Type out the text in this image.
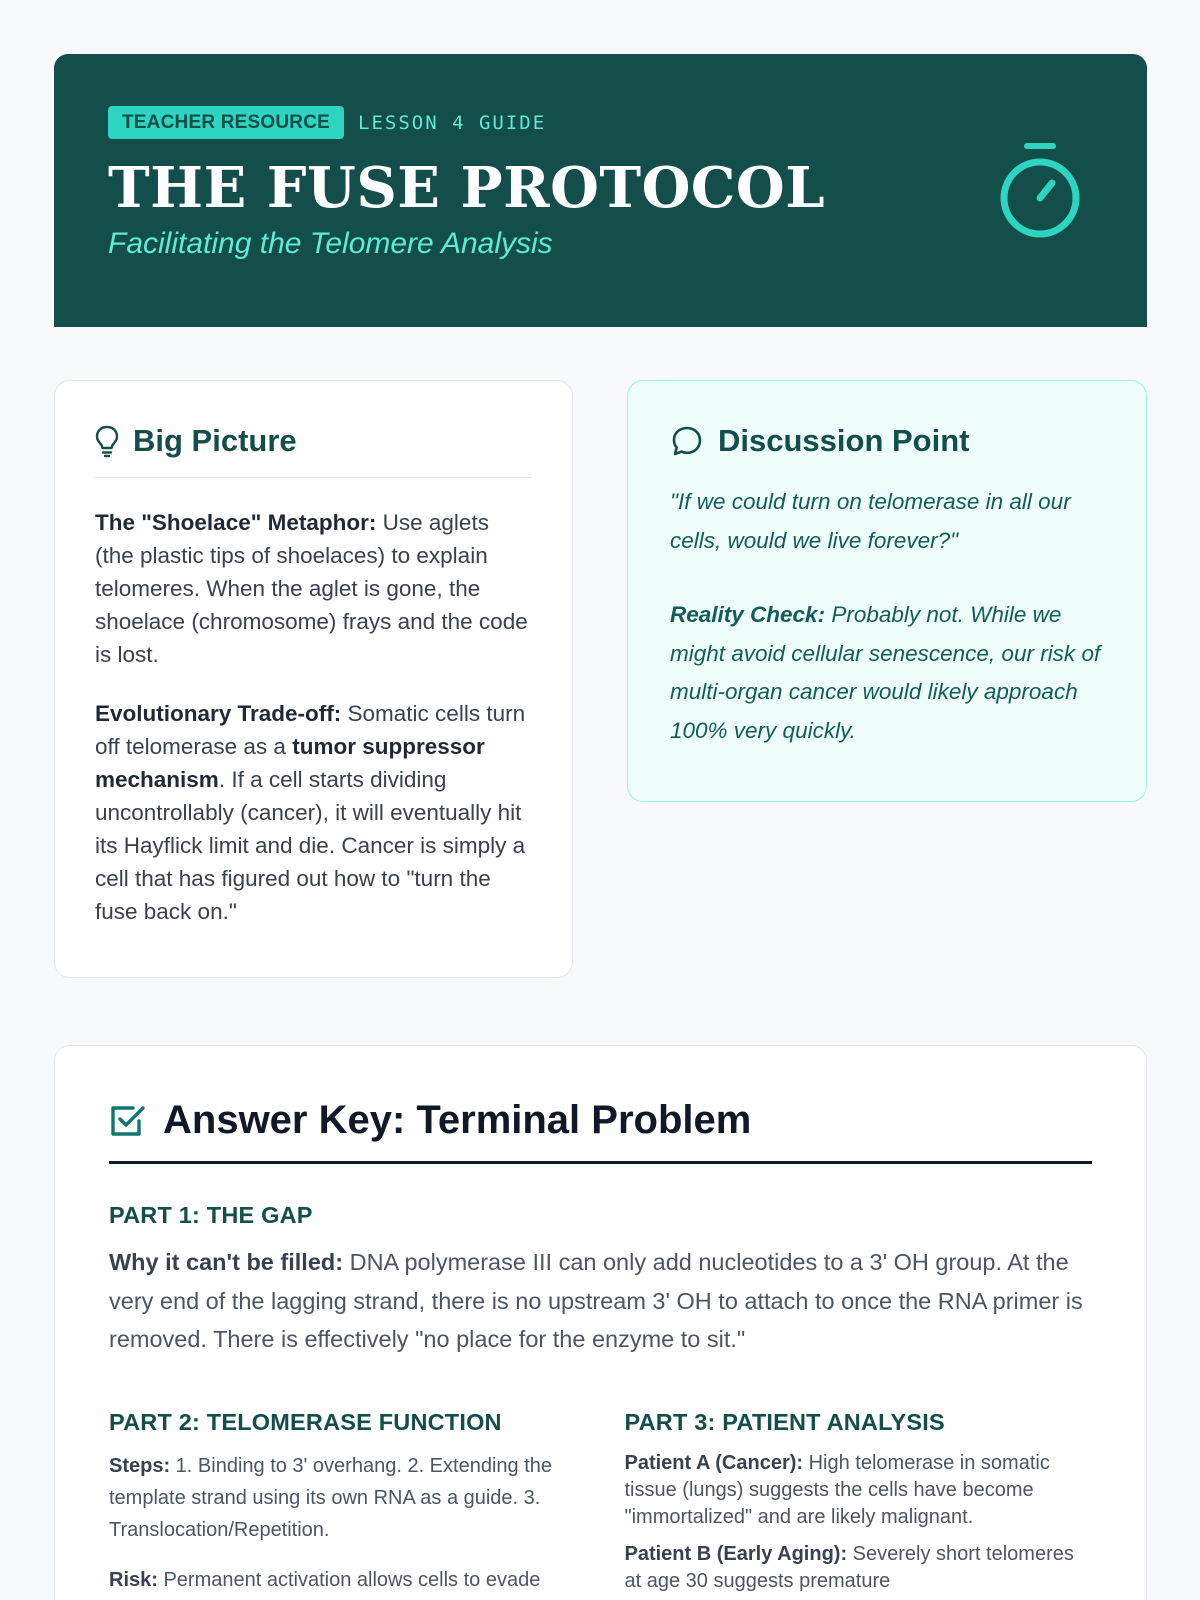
TEACHER RESOURCE	LESSON 4 GUIDE
THE FUSE PROTOCOL
Facilitating the Telomere Analysis
Big Picture

The "Shoelace" Metaphor: Use aglets (the plastic tips of shoelaces) to explain telomeres. When the aglet is gone, the shoelace (chromosome) frays and the code is lost.

Evolutionary Trade-off: Somatic cells turn off telomerase as a tumor suppressor mechanism. If a cell starts dividing uncontrollably (cancer), it will eventually hit its Hayflick limit and die. Cancer is simply a cell that has figured out how to "turn the fuse back on."

Discussion Point

"If we could turn on telomerase in all our cells, would we live forever?"

Reality Check: Probably not. While we might avoid cellular senescence, our risk of multi-organ cancer would likely approach 100% very quickly.

Answer Key: Terminal Problem
PART 1: THE GAP

Why it can't be filled: DNA polymerase III can only add nucleotides to a 3' OH group. At the very end of the lagging strand, there is no upstream 3' OH to attach to once the RNA primer is removed. There is effectively "no place for the enzyme to sit."

PART 2: TELOMERASE FUNCTION

Steps: 1. Binding to 3' overhang. 2. Extending the template strand using its own RNA as a guide. 3. Translocation/Repetition.

Risk: Permanent activation allows cells to evade

PART 3: PATIENT ANALYSIS

Patient A (Cancer): High telomerase in somatic tissue (lungs) suggests the cells have become "immortalized" and are likely malignant.

Patient B (Early Aging): Severely short telomeres at age 30 suggests premature
